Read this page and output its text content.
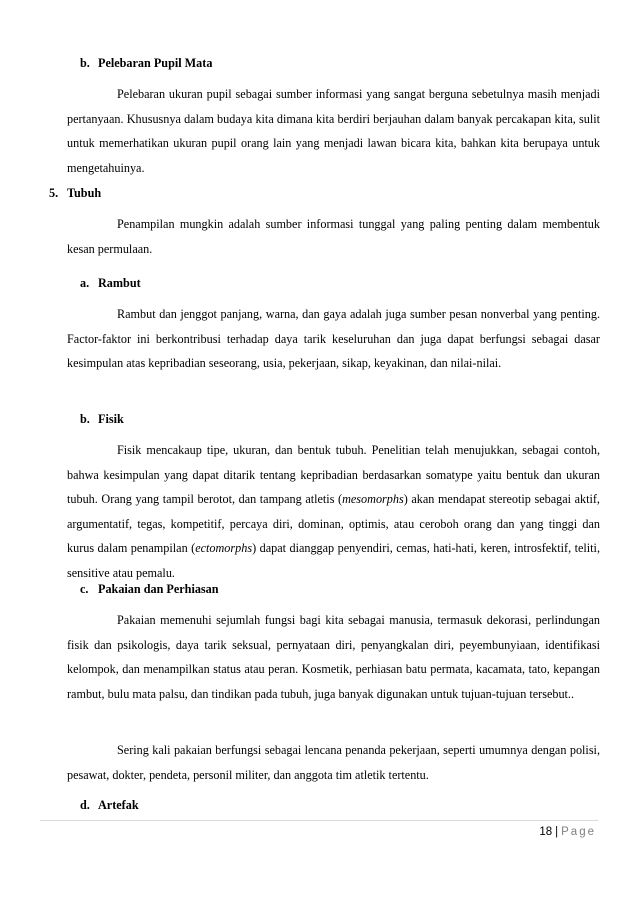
b. Pelebaran Pupil Mata
Pelebaran ukuran pupil sebagai sumber informasi yang sangat berguna sebetulnya masih menjadi pertanyaan. Khususnya dalam budaya kita dimana kita berdiri berjauhan dalam banyak percakapan kita, sulit untuk memerhatikan ukuran pupil orang lain yang menjadi lawan bicara kita, bahkan kita berupaya untuk mengetahuinya.
5. Tubuh
Penampilan mungkin adalah sumber informasi tunggal yang paling penting dalam membentuk kesan permulaan.
a. Rambut
Rambut dan jenggot panjang, warna, dan gaya adalah juga sumber pesan nonverbal yang penting. Factor-faktor ini berkontribusi terhadap daya tarik keseluruhan dan juga dapat berfungsi sebagai dasar kesimpulan atas kepribadian seseorang, usia, pekerjaan, sikap, keyakinan, dan nilai-nilai.
b. Fisik
Fisik mencakaup tipe, ukuran, dan bentuk tubuh. Penelitian telah menujukkan, sebagai contoh, bahwa kesimpulan yang dapat ditarik tentang kepribadian berdasarkan somatype yaitu bentuk dan ukuran tubuh. Orang yang tampil berotot, dan tampang atletis (mesomorphs) akan mendapat stereotip sebagai aktif, argumentatif, tegas, kompetitif, percaya diri, dominan, optimis, atau ceroboh orang dan yang tinggi dan kurus dalam penampilan (ectomorphs) dapat dianggap penyendiri, cemas, hati-hati, keren, introsfektif, teliti, sensitive atau pemalu.
c. Pakaian dan Perhiasan
Pakaian memenuhi sejumlah fungsi bagi kita sebagai manusia, termasuk dekorasi, perlindungan fisik dan psikologis, daya tarik seksual, pernyataan diri, penyangkalan diri, peyembunyiaan, identifikasi kelompok, dan menampilkan status atau peran. Kosmetik, perhiasan batu permata, kacamata, tato, kepangan rambut, bulu mata palsu, dan tindikan pada tubuh, juga banyak digunakan untuk tujuan-tujuan tersebut..
Sering kali pakaian berfungsi sebagai lencana penanda pekerjaan, seperti umumnya dengan polisi, pesawat, dokter, pendeta, personil militer, dan anggota tim atletik tertentu.
d. Artefak
18 | Page
